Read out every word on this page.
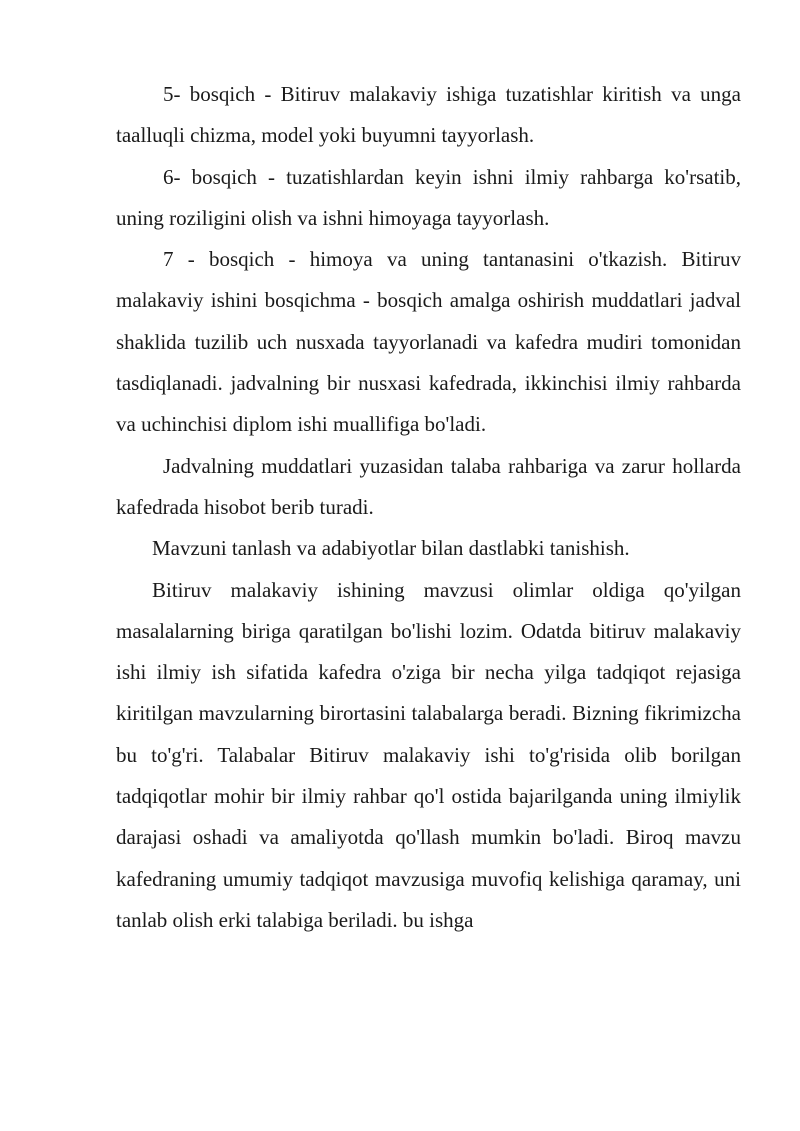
5- bosqich - Bitiruv malakaviy ishiga tuzatishlar kiritish va unga taalluqli chizma, model yoki buyumni tayyorlash.

6- bosqich - tuzatishlardan keyin ishni ilmiy rahbarga ko'rsatib, uning roziligini olish va ishni himoyaga tayyorlash.

7 - bosqich - himoya va uning tantanasini o'tkazish. Bitiruv malakaviy ishini bosqichma - bosqich amalga oshirish muddatlari jadval shaklida tuzilib uch nusxada tayyorlanadi va kafedra mudiri tomonidan tasdiqlanadi. jadvalning bir nusxasi kafedrada, ikkinchisi ilmiy rahbarda va uchinchisi diplom ishi muallifiga bo'ladi.

Jadvalning muddatlari yuzasidan talaba rahbariga va zarur hollarda kafedrada hisobot berib turadi.

Mavzuni tanlash va adabiyotlar bilan dastlabki tanishish.

Bitiruv malakaviy ishining mavzusi olimlar oldiga qo'yilgan masalalarning biriga qaratilgan bo'lishi lozim. Odatda bitiruv malakaviy ishi ilmiy ish sifatida kafedra o'ziga bir necha yilga tadqiqot rejasiga kiritilgan mavzularning birortasini talabalarga beradi. Bizning fikrimizcha bu to'g'ri. Talabalar Bitiruv malakaviy ishi to'g'risida olib borilgan tadqiqotlar mohir bir ilmiy rahbar qo'l ostida bajarilganda uning ilmiylik darajasi oshadi va amaliyotda qo'llash mumkin bo'ladi. Biroq mavzu kafedraning umumiy tadqiqot mavzusiga muvofiq kelishiga qaramay, uni tanlab olish erki talabiga beriladi. bu ishga
